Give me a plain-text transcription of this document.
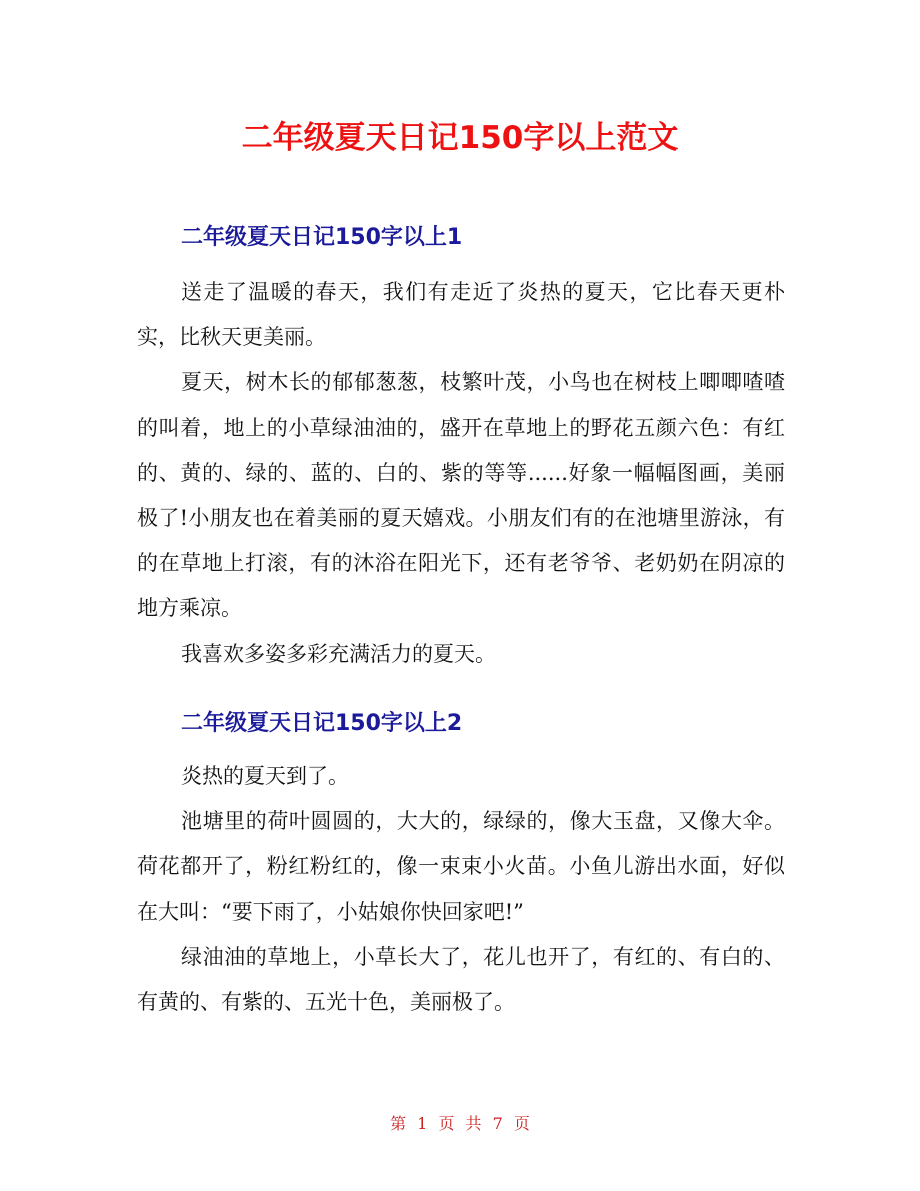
二年级夏天日记150字以上范文
二年级夏天日记150字以上1

送走了温暖的春天，我们有走近了炎热的夏天，它比春天更朴实，比秋天更美丽。

夏天，树木长的郁郁葱葱，枝繁叶茂，小鸟也在树枝上唧唧喳喳的叫着，地上的小草绿油油的，盛开在草地上的野花五颜六色：有红的、黄的、绿的、蓝的、白的、紫的等等......好象一幅幅图画，美丽极了!小朋友也在着美丽的夏天嬉戏。小朋友们有的在池塘里游泳，有的在草地上打滚，有的沐浴在阳光下，还有老爷爷、老奶奶在阴凉的地方乘凉。

我喜欢多姿多彩充满活力的夏天。

二年级夏天日记150字以上2

炎热的夏天到了。

池塘里的荷叶圆圆的，大大的，绿绿的，像大玉盘，又像大伞。荷花都开了，粉红粉红的，像一束束小火苗。小鱼儿游出水面，好似在大叫：“要下雨了，小姑娘你快回家吧!”

绿油油的草地上，小草长大了，花儿也开了，有红的、有白的、有黄的、有紫的、五光十色，美丽极了。

第 1 页 共 7 页
